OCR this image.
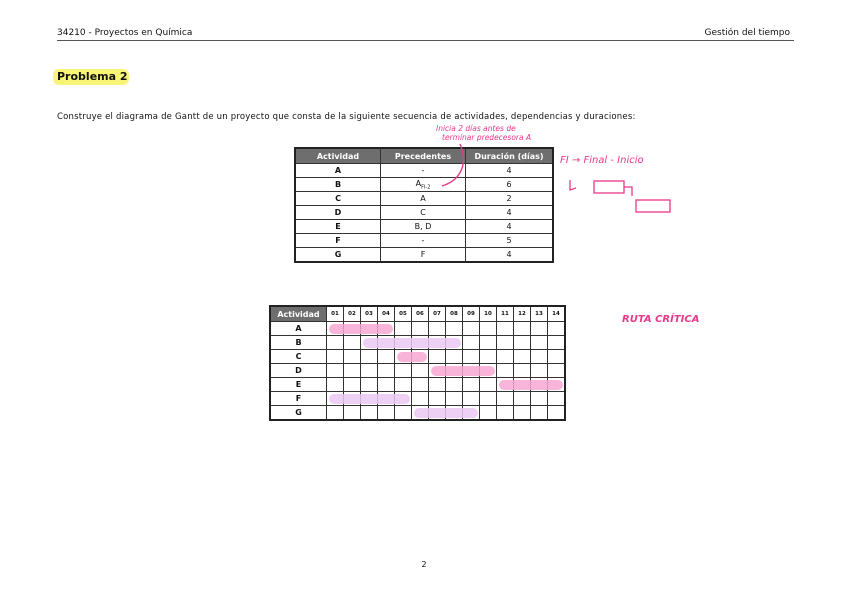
34210 - Proyectos en Química	Gestión del tiempo
Problema 2
Construye el diagrama de Gantt de un proyecto que consta de la siguiente secuencia de actividades, dependencias y duraciones:
Actividad	Precedentes	Duración (días)
A	-	4
B	$A_{FI-2}$	6
C	A	2
D	C	4
E	B, D	4
F	-	5
G	F	4
Inicia 2 días antes de
terminar predecesora A
FI → Final - Inicio
RUTA CRÍTICA
Actividad	01	02	03	04	05	06	07	08	09	10	11	12	13	14
A														
B														
C														
D														
E														
F														
G														
2
